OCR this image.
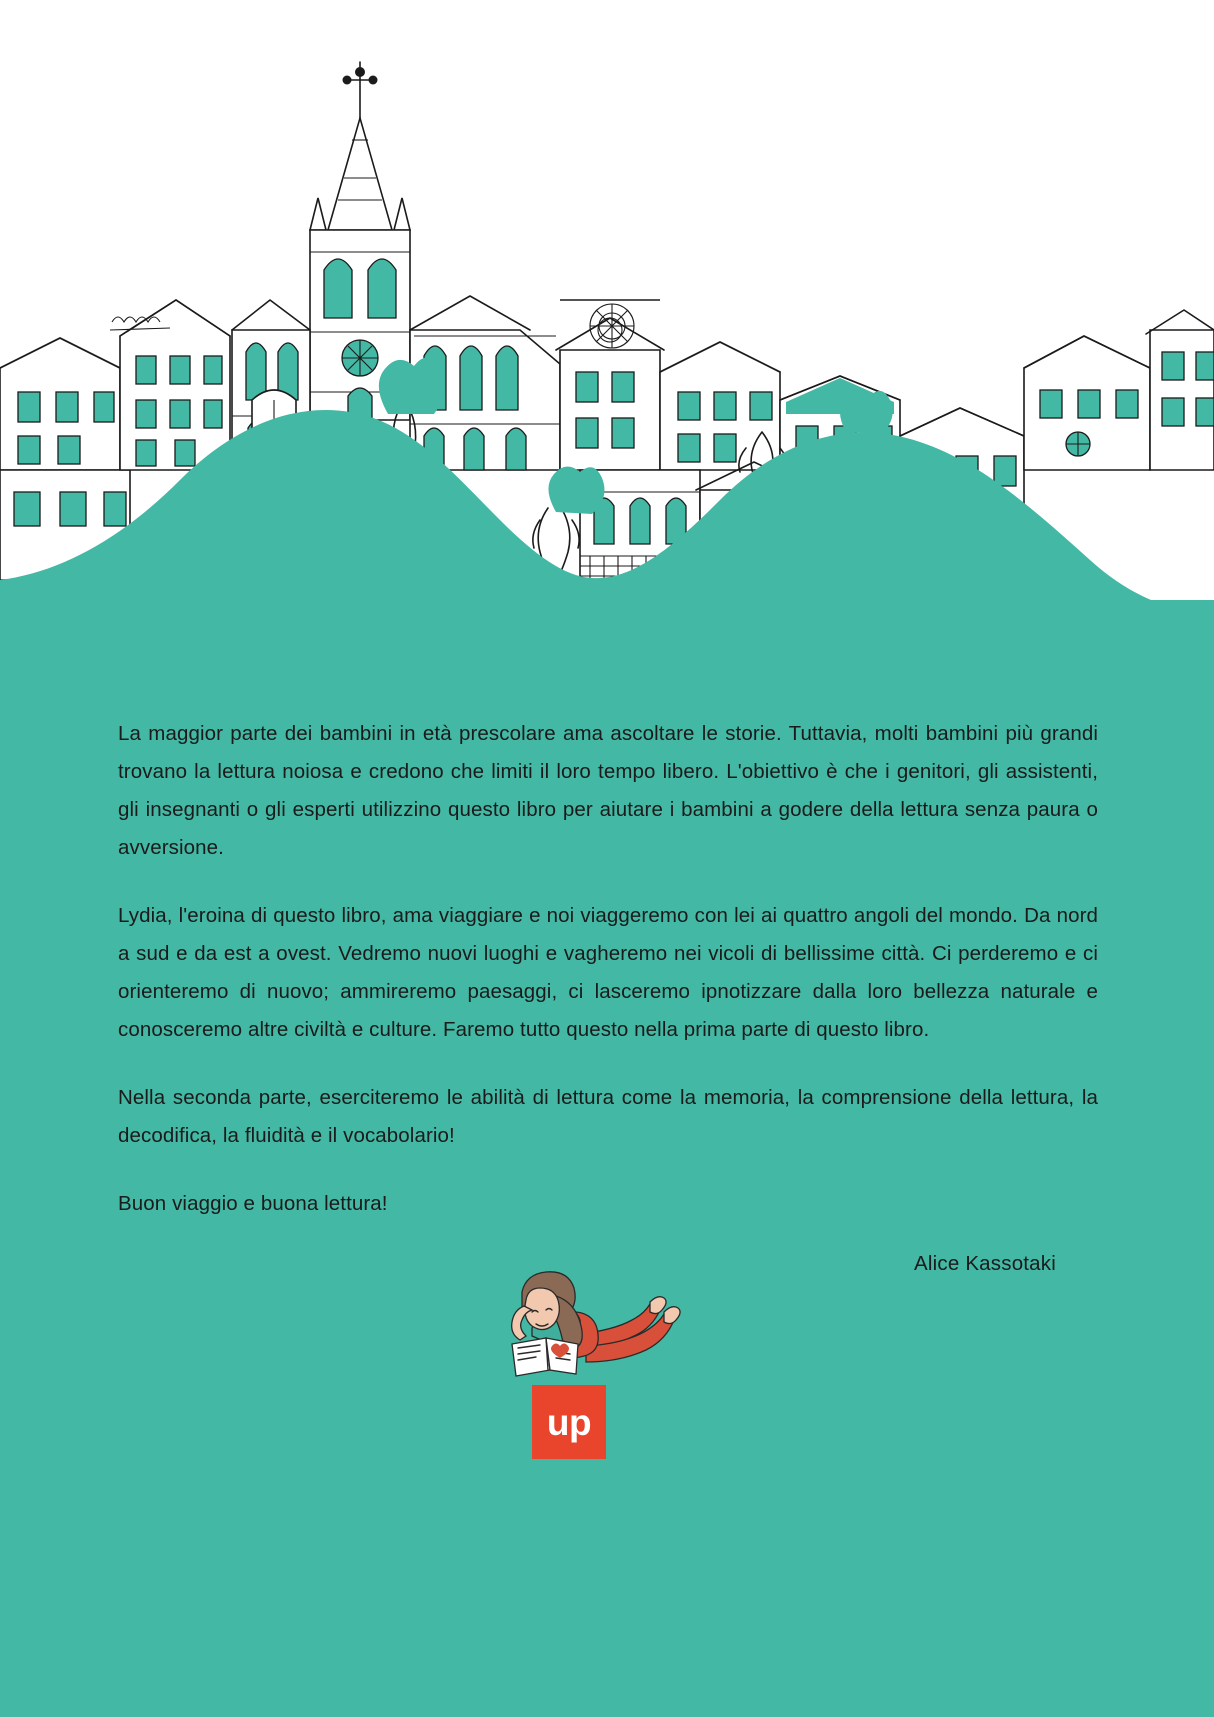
La maggior parte dei bambini in età prescolare ama ascoltare le storie. Tuttavia, molti bambini più grandi trovano la lettura noiosa e credono che limiti il loro tempo libero. L'obiettivo è che i genitori, gli assistenti, gli insegnanti o gli esperti utilizzino questo libro per aiutare i bambini a godere della lettura senza paura o avversione.

Lydia, l'eroina di questo libro, ama viaggiare e noi viaggeremo con lei ai quattro angoli del mondo. Da nord a sud e da est a ovest. Vedremo nuovi luoghi e vagheremo nei vicoli di bellissime città. Ci perderemo e ci orienteremo di nuovo; ammireremo paesaggi, ci lasceremo ipnotizzare dalla loro bellezza naturale e conosceremo altre civiltà e culture. Faremo tutto questo nella prima parte di questo libro.

Nella seconda parte, eserciteremo le abilità di lettura come la memoria, la comprensione della lettura, la decodifica, la fluidità e il vocabolario!

Buon viaggio e buona lettura!

Alice Kassotaki
up
